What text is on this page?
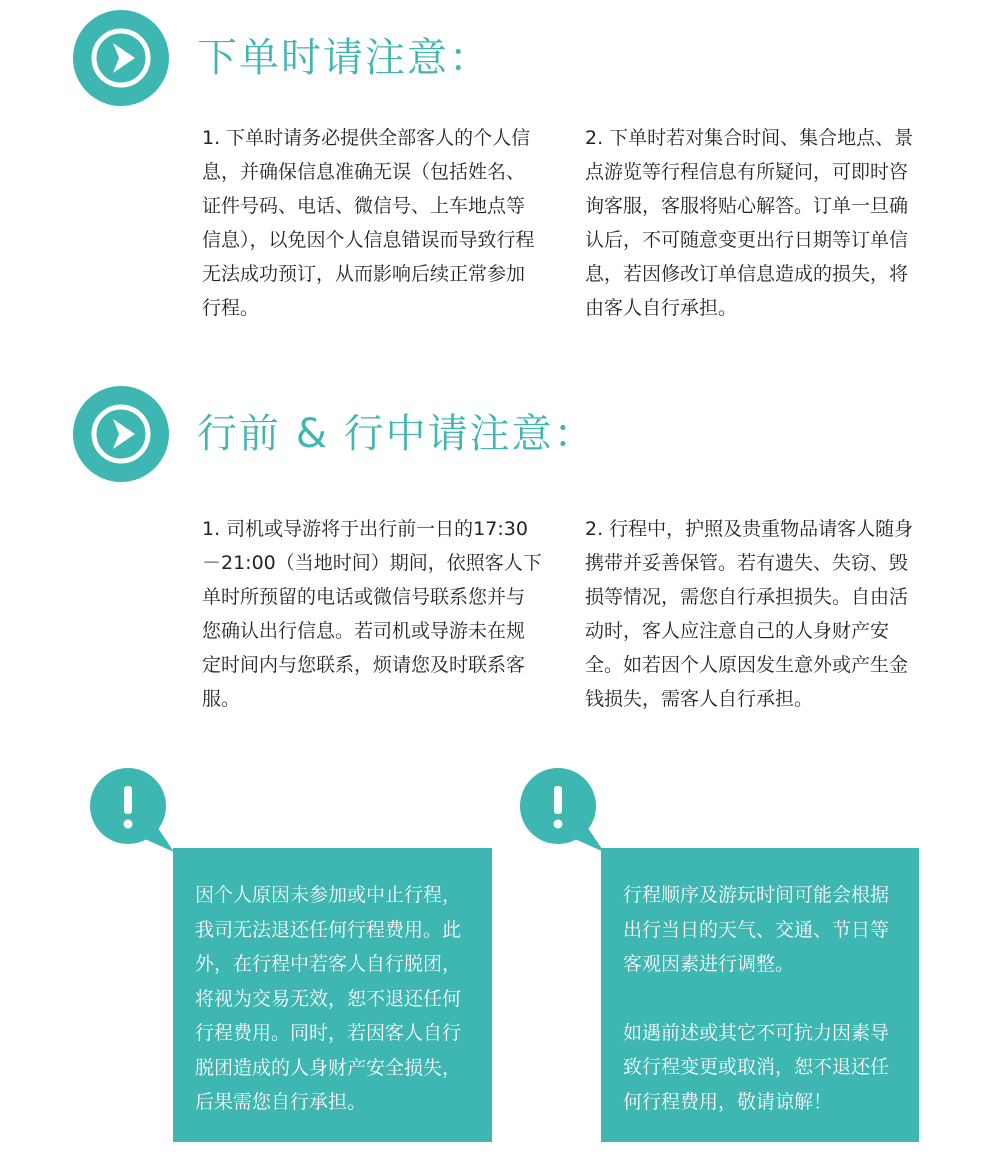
下单时请注意：
1. 下单时请务必提供全部客人的个人信息，并确保信息准确无误（包括姓名、证件号码、电话、微信号、上车地点等信息），以免因个人信息错误而导致行程无法成功预订，从而影响后续正常参加行程。
2. 下单时若对集合时间、集合地点、景点游览等行程信息有所疑问，可即时咨询客服，客服将贴心解答。订单一旦确认后，不可随意变更出行日期等订单信息，若因修改订单信息造成的损失，将由客人自行承担。
行前 & 行中请注意：
1. 司机或导游将于出行前一日的17:30－21:00（当地时间）期间，依照客人下单时所预留的电话或微信号联系您并与您确认出行信息。若司机或导游未在规定时间内与您联系，烦请您及时联系客服。
2. 行程中，护照及贵重物品请客人随身携带并妥善保管。若有遗失、失窃、毁损等情况，需您自行承担损失。自由活动时，客人应注意自己的人身财产安全。如若因个人原因发生意外或产生金钱损失，需客人自行承担。

因个人原因未参加或中止行程，我司无法退还任何行程费用。此外，在行程中若客人自行脱团，将视为交易无效，恕不退还任何行程费用。同时，若因客人自行脱团造成的人身财产安全损失，后果需您自行承担。

行程顺序及游玩时间可能会根据出行当日的天气、交通、节日等客观因素进行调整。

如遇前述或其它不可抗力因素导致行程变更或取消，恕不退还任何行程费用，敬请谅解！
